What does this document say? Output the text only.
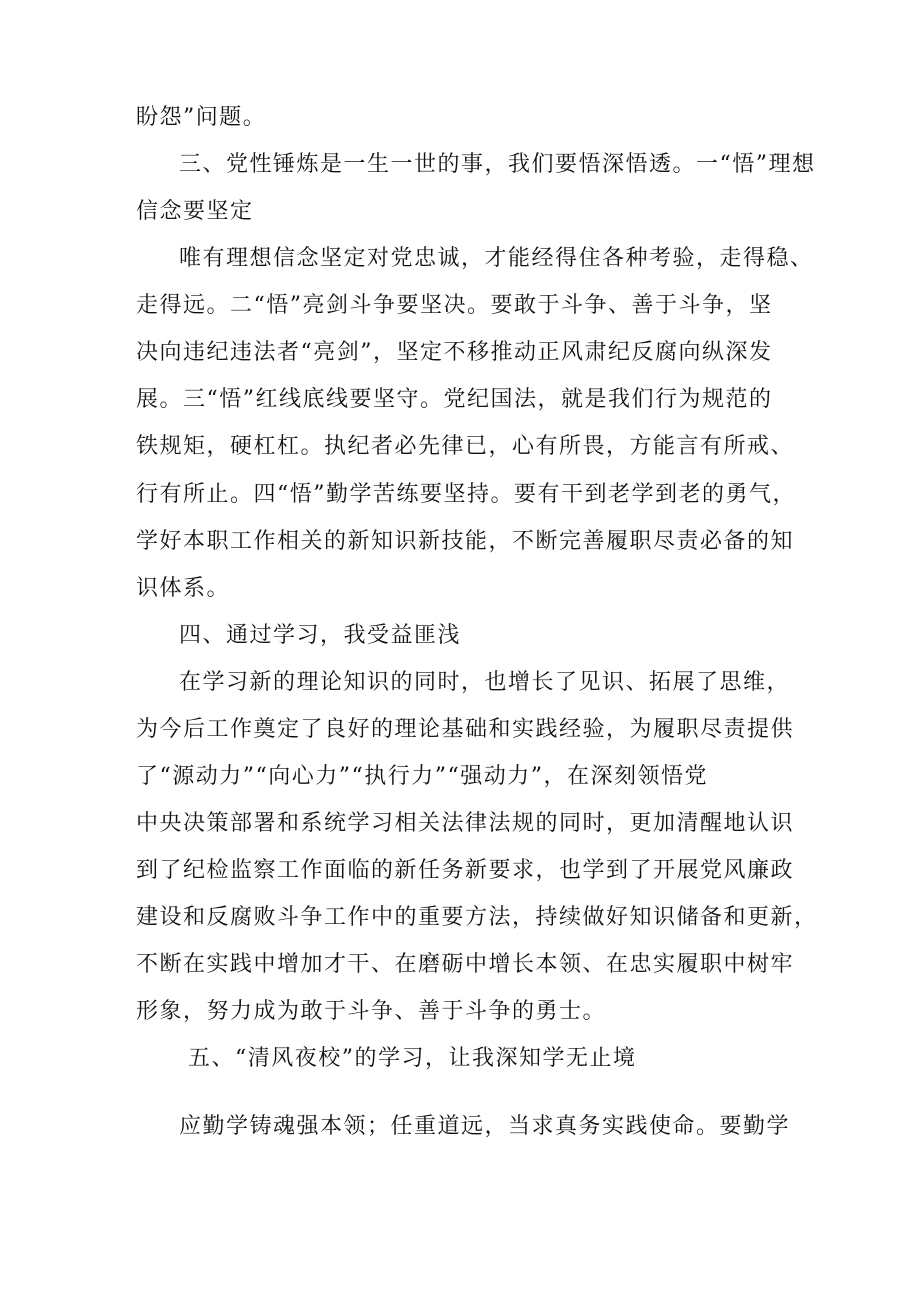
盼怨”问题。
三、党性锤炼是一生一世的事，我们要悟深悟透。一“悟”理想
信念要坚定
唯有理想信念坚定对党忠诚，才能经得住各种考验，走得稳、
走得远。二“悟”亮剑斗争要坚决。要敢于斗争、善于斗争，坚
决向违纪违法者“亮剑”，坚定不移推动正风肃纪反腐向纵深发
展。三“悟”红线底线要坚守。党纪国法，就是我们行为规范的
铁规矩，硬杠杠。执纪者必先律已，心有所畏，方能言有所戒、
行有所止。四“悟”勤学苦练要坚持。要有干到老学到老的勇气，
学好本职工作相关的新知识新技能，不断完善履职尽责必备的知
识体系。
四、通过学习，我受益匪浅
在学习新的理论知识的同时，也增长了见识、拓展了思维，
为今后工作奠定了良好的理论基础和实践经验，为履职尽责提供
了“源动力”“向心力”“执行力”“强动力”，在深刻领悟党
中央决策部署和系统学习相关法律法规的同时，更加清醒地认识
到了纪检监察工作面临的新任务新要求，也学到了开展党风廉政
建设和反腐败斗争工作中的重要方法，持续做好知识储备和更新，
不断在实践中增加才干、在磨砺中增长本领、在忠实履职中树牢
形象，努力成为敢于斗争、善于斗争的勇士。
五、“清风夜校”的学习，让我深知学无止境
应勤学铸魂强本领；任重道远，当求真务实践使命。要勤学
